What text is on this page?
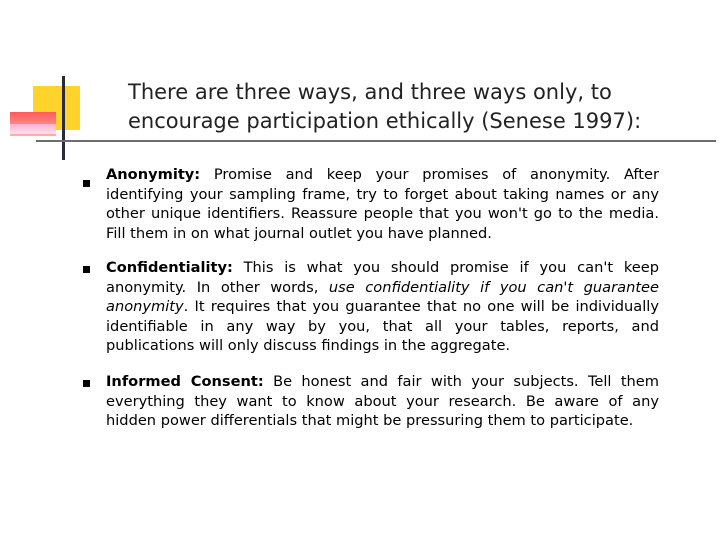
There are three ways, and three ways only, to encourage participation ethically (Senese 1997):

Anonymity: Promise and keep your promises of anonymity. After identifying your sampling frame, try to forget about taking names or any other unique identifiers. Reassure people that you won't go to the media. Fill them in on what journal outlet you have planned.

Confidentiality: This is what you should promise if you can't keep anonymity. In other words, use confidentiality if you can't guarantee anonymity. It requires that you guarantee that no one will be individually identifiable in any way by you, that all your tables, reports, and publications will only discuss findings in the aggregate.

Informed Consent: Be honest and fair with your subjects. Tell them everything they want to know about your research. Be aware of any hidden power differentials that might be pressuring them to participate.
